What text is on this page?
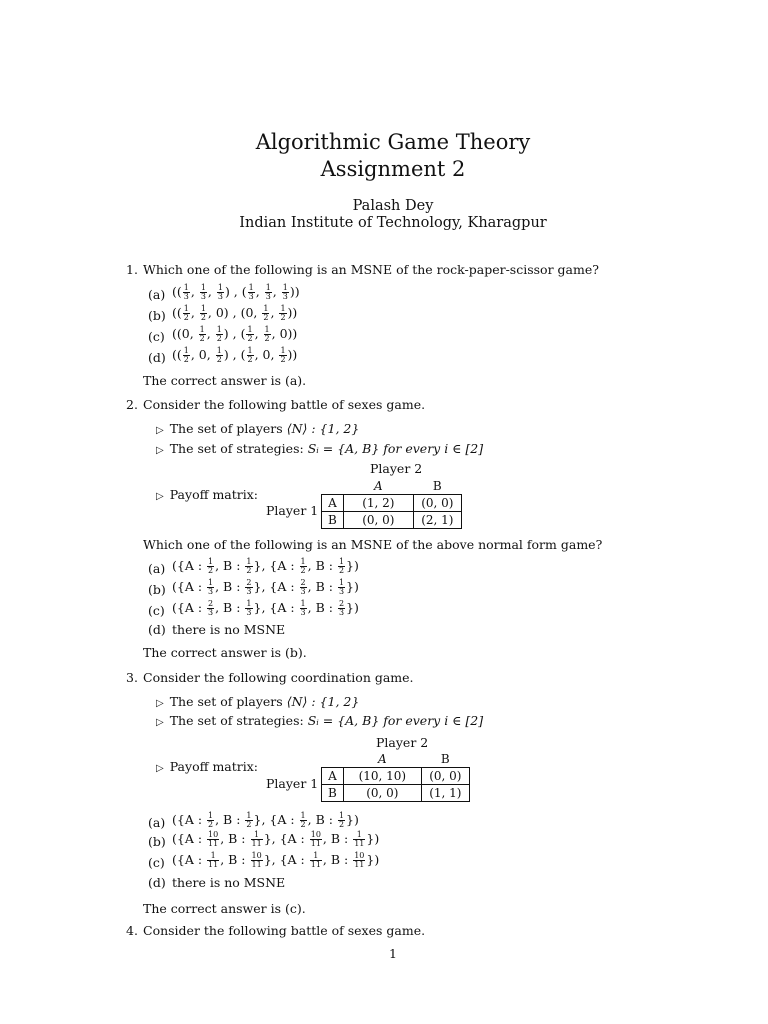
Algorithmic Game Theory
Assignment 2
Palash Dey
Indian Institute of Technology, Kharagpur
1. Which one of the following is an MSNE of the rock-paper-scissor game?
(a) (( $\frac{1}{3}$ , $\frac{1}{3}$ , $\frac{1}{3}$ ) , ( $\frac{1}{3}$ , $\frac{1}{3}$ , $\frac{1}{3}$ ))
(b) (( $\frac{1}{2}$ , $\frac{1}{2}$ , 0) , (0, $\frac{1}{2}$ , $\frac{1}{2}$ ))
(c) ((0, $\frac{1}{2}$ , $\frac{1}{2}$ ) , ( $\frac{1}{2}$ , $\frac{1}{2}$ , 0))
(d) (( $\frac{1}{2}$ , 0, $\frac{1}{2}$ ) , ( $\frac{1}{2}$ , 0, $\frac{1}{2}$ ))
The correct answer is (a).
2. Consider the following battle of sexes game.
▷ The set of players ⟨N⟩ : {1, 2}
▷ The set of strategies: Sᵢ = {A, B} for every i ∈ [2]
Player 2
▷ Payoff matrix:
Player 1
	A	B
A	(1, 2)	(0, 0)
B	(0, 0)	(2, 1)
Which one of the following is an MSNE of the above normal form game?
(a) ({A : $\frac{1}{2}$ , B : $\frac{1}{2}$ }, {A : $\frac{1}{2}$ , B : $\frac{1}{2}$ })
(b) ({A : $\frac{1}{3}$ , B : $\frac{2}{3}$ }, {A : $\frac{2}{3}$ , B : $\frac{1}{3}$ })
(c) ({A : $\frac{2}{3}$ , B : $\frac{1}{3}$ }, {A : $\frac{1}{3}$ , B : $\frac{2}{3}$ })
(d) there is no MSNE
The correct answer is (b).
3. Consider the following coordination game.
▷ The set of players ⟨N⟩ : {1, 2}
▷ The set of strategies: Sᵢ = {A, B} for every i ∈ [2]
Player 2
▷ Payoff matrix:
Player 1
	A	B
A	(10, 10)	(0, 0)
B	(0, 0)	(1, 1)
(a) ({A : $\frac{1}{2}$ , B : $\frac{1}{2}$ }, {A : $\frac{1}{2}$ , B : $\frac{1}{2}$ })
(b) ({A : $\frac{10}{11}$ , B : $\frac{1}{11}$ }, {A : $\frac{10}{11}$ , B : $\frac{1}{11}$ })
(c) ({A : $\frac{1}{11}$ , B : $\frac{10}{11}$ }, {A : $\frac{1}{11}$ , B : $\frac{10}{11}$ })
(d) there is no MSNE
The correct answer is (c).
4. Consider the following battle of sexes game.
1
